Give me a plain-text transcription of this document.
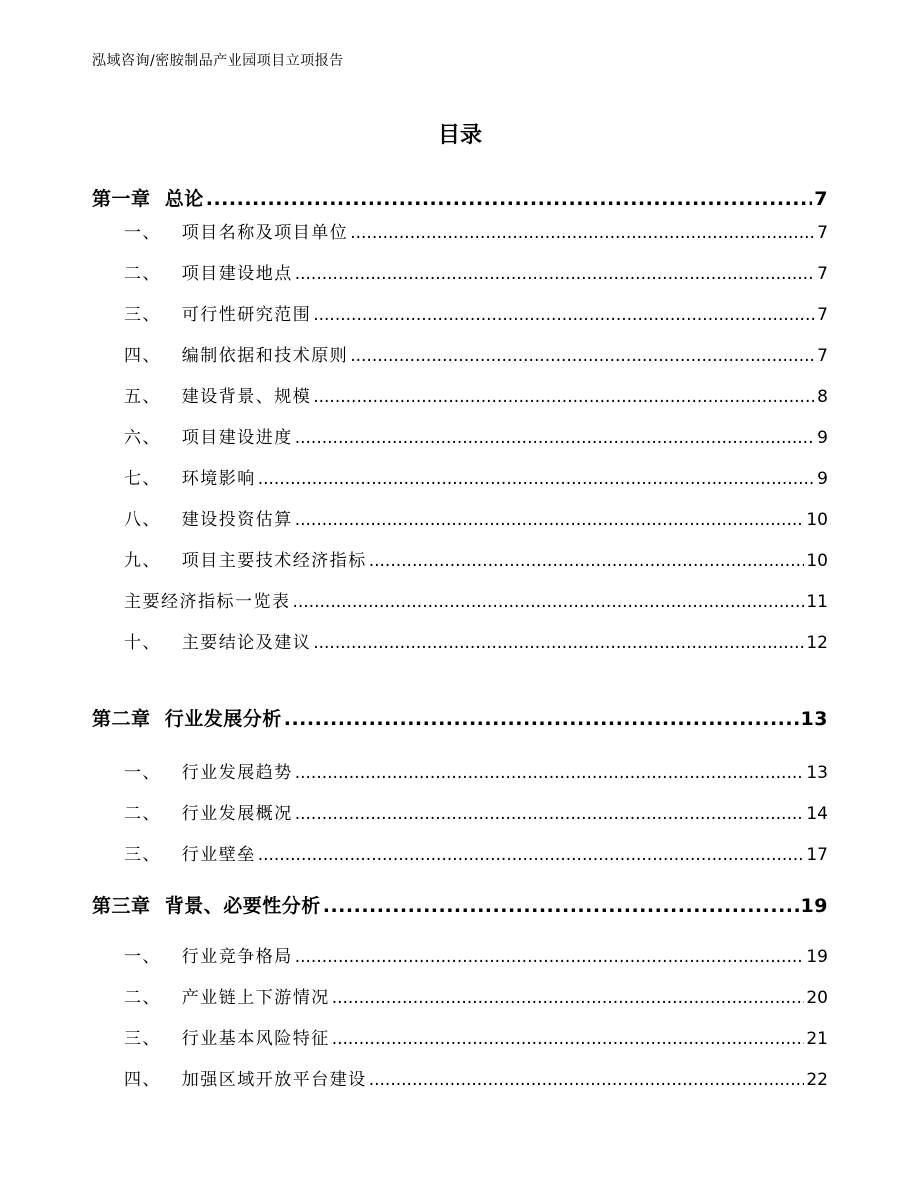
泓域咨询/密胺制品产业园项目立项报告
目录
第一章  总论 .....	7
一、   项目名称及项目单位 .....	7
二、   项目建设地点 .....	7
三、   可行性研究范围 .....	7
四、   编制依据和技术原则 .....	7
五、   建设背景、规模 .....	8
六、   项目建设进度 .....	9
七、   环境影响 .....	9
八、   建设投资估算 .....	10
九、   项目主要技术经济指标 .....	10
主要经济指标一览表 .....	11
十、   主要结论及建议 .....	12
第二章  行业发展分析 .....	13
一、   行业发展趋势 .....	13
二、   行业发展概况 .....	14
三、   行业壁垒 .....	17
第三章  背景、必要性分析 .....	19
一、   行业竞争格局 .....	19
二、   产业链上下游情况 .....	20
三、   行业基本风险特征 .....	21
四、   加强区域开放平台建设 .....	22
